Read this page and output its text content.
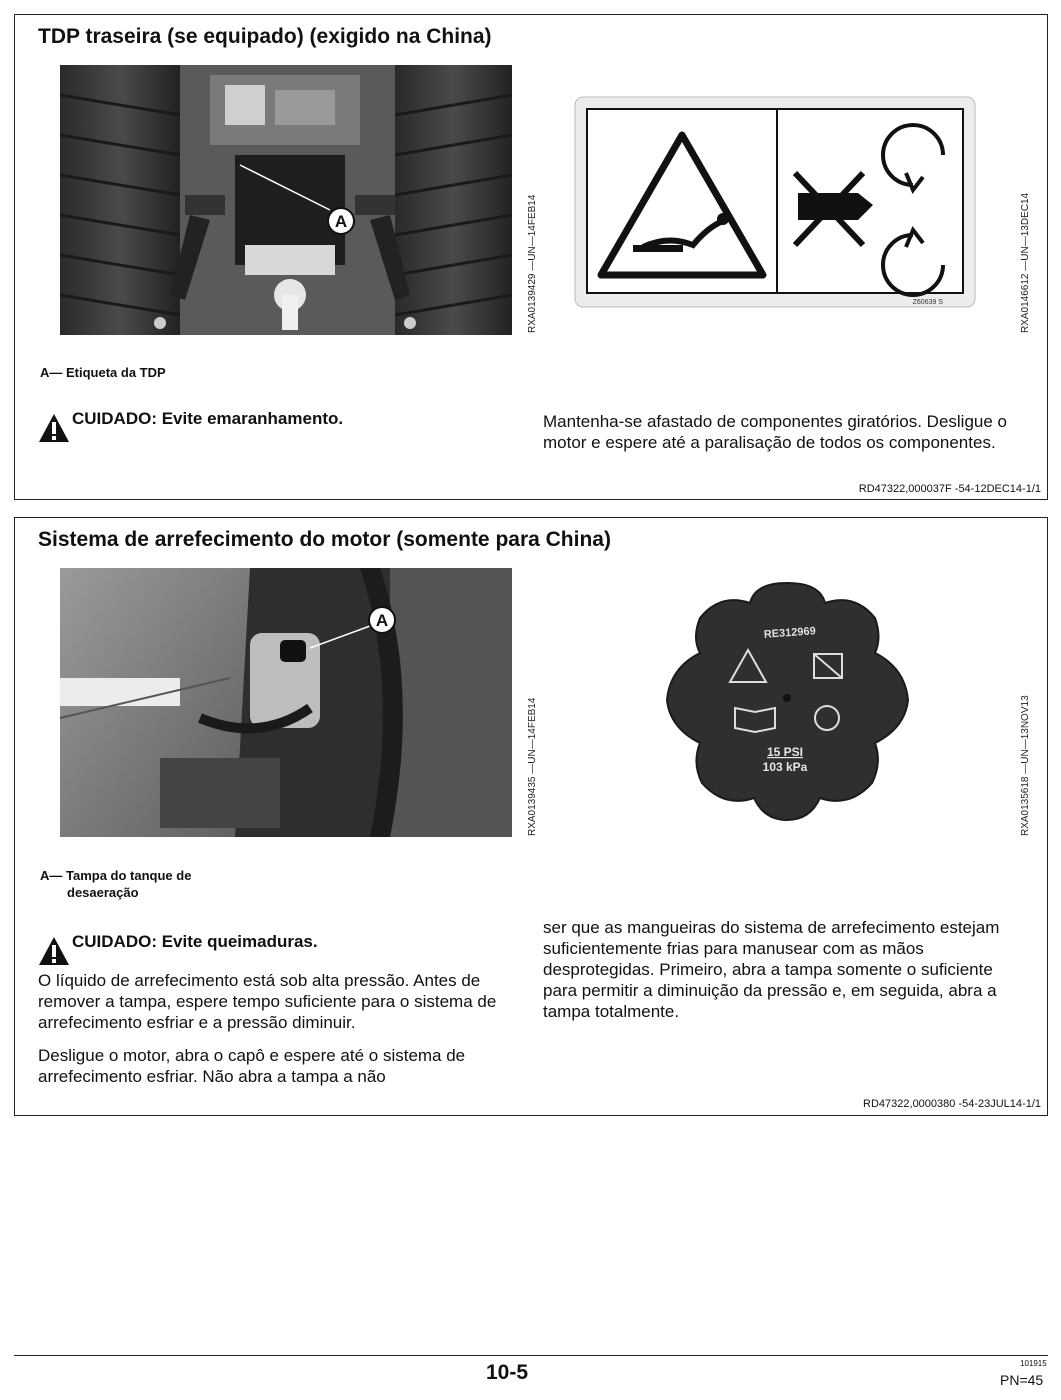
TDP traseira (se equipado) (exigido na China)
A	RXA0139429 —UN—14FEB14	Z60639 S	RXA0146612 —UN—13DEC14
A— Etiqueta da TDP
CUIDADO: Evite emaranhamento.	Mantenha-se afastado de componentes giratórios. Desligue o motor e espere até a paralisação de todos os componentes.
RD47322,000037F -54-12DEC14-1/1
Sistema de arrefecimento do motor (somente para China)
A
RXA0139435 —UN—14FEB14
RE312969
15 PSI
103 kPa	RXA0135618 —UN—13NOV13
A— Tampa do tanque de
desaeração
CUIDADO: Evite queimaduras.
O líquido de arrefecimento está sob alta pressão. Antes de remover a tampa, espere tempo suficiente para o sistema de arrefecimento esfriar e a pressão diminuir.
Desligue o motor, abra o capô e espere até o sistema de arrefecimento esfriar. Não abra a tampa a não
ser que as mangueiras do sistema de arrefecimento estejam suficientemente frias para manusear com as mãos desprotegidas. Primeiro, abra a tampa somente o suficiente para permitir a diminuição da pressão e, em seguida, abra a tampa totalmente.
RD47322,0000380 -54-23JUL14-1/1
10-5	101915
PN=45
